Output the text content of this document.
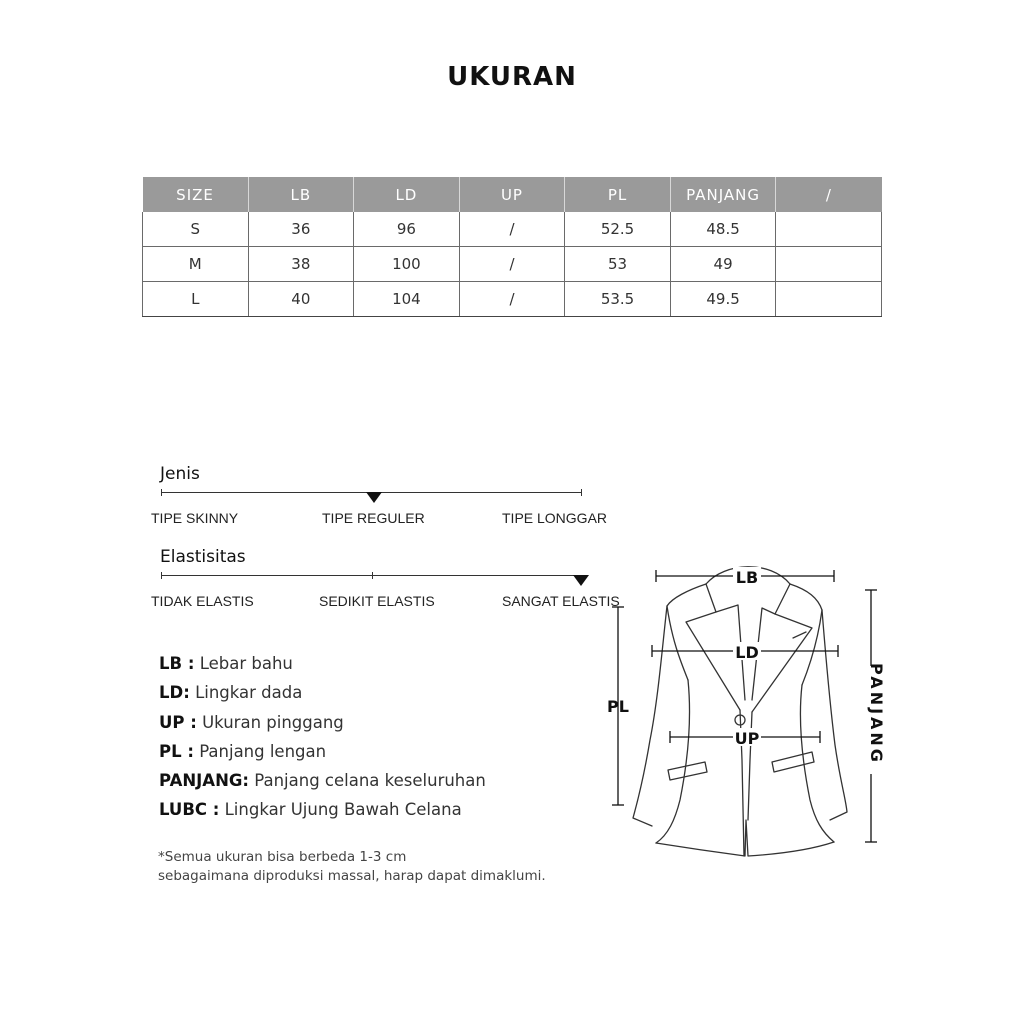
UKURAN
SIZE	LB	LD	UP	PL	PANJANG	/
S	36	96	/	52.5	48.5	
M	38	100	/	53	49	
L	40	104	/	53.5	49.5	
Jenis
TIPE SKINNY	TIPE REGULER	TIPE LONGGAR
Elastisitas
TIDAK ELASTIS	SEDIKIT ELASTIS	SANGAT ELASTIS
LB : Lebar bahu
LD: Lingkar dada
UP : Ukuran pinggang
PL : Panjang lengan
PANJANG: Panjang celana keseluruhan
LUBC : Lingkar Ujung Bawah Celana
*Semua ukuran bisa berbeda 1-3 cm
sebagaimana diproduksi massal, harap dapat dimaklumi.
LB
LD
UP
PL	PANJANG
